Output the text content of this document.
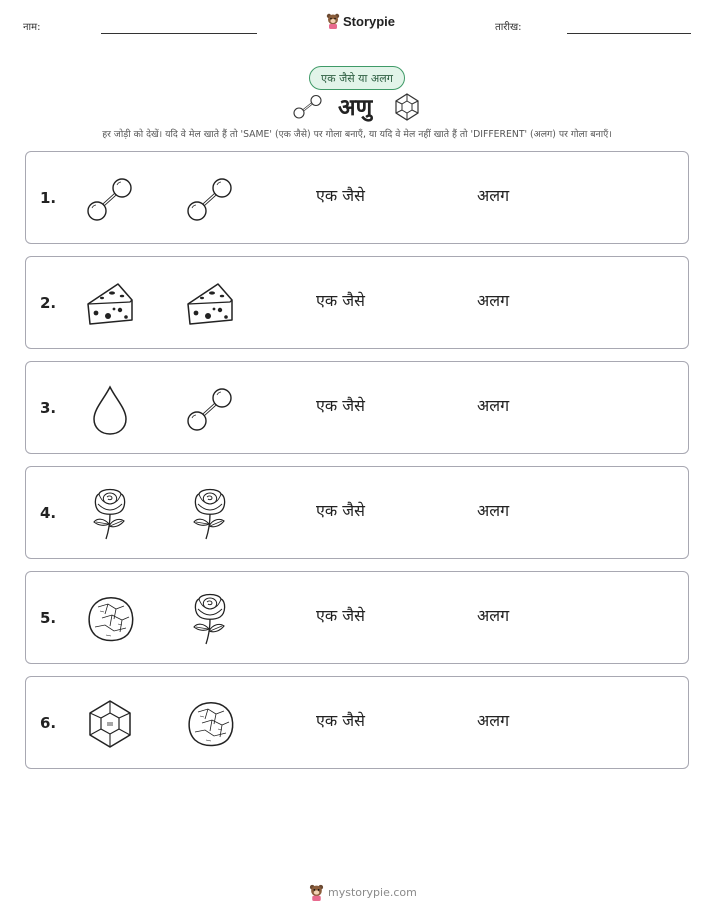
नाम:	Storypie	तारीख:
एक जैसे या अलग
अणु
हर जोड़ी को देखें। यदि वे मेल खाते हैं तो 'SAME' (एक जैसे) पर गोला बनाएँ, या यदि वे मेल नहीं खाते हैं तो 'DIFFERENT' (अलग) पर गोला बनाएँ।
1.	एक जैसे	अलग
2.	एक जैसे	अलग
3.	एक जैसे	अलग
4.	एक जैसे	अलग
5.	एक जैसे	अलग
6.	एक जैसे	अलग
mystorypie.com
